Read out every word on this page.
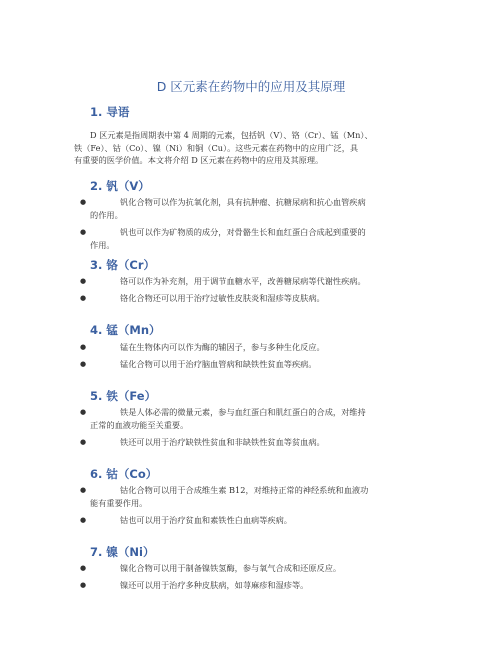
D 区元素在药物中的应用及其原理
1. 导语
D 区元素是指周期表中第 4 周期的元素，包括钒（V）、铬（Cr）、锰（Mn）、
铁（Fe）、钴（Co）、镍（Ni）和铜（Cu）。这些元素在药物中的应用广泛，具
有重要的医学价值。本文将介绍 D 区元素在药物中的应用及其原理。
2. 钒（V）
●	钒化合物可以作为抗氧化剂，具有抗肿瘤、抗糖尿病和抗心血管疾病
的作用。
●	钒也可以作为矿物质的成分，对骨骼生长和血红蛋白合成起到重要的
作用。
3. 铬（Cr）
●	铬可以作为补充剂，用于调节血糖水平，改善糖尿病等代谢性疾病。
●	铬化合物还可以用于治疗过敏性皮肤炎和湿疹等皮肤病。
4. 锰（Mn）
●	锰在生物体内可以作为酶的辅因子，参与多种生化反应。
●	锰化合物可以用于治疗脑血管病和缺铁性贫血等疾病。
5. 铁（Fe）
●	铁是人体必需的微量元素，参与血红蛋白和肌红蛋白的合成，对维持
正常的血液功能至关重要。
●	铁还可以用于治疗缺铁性贫血和非缺铁性贫血等贫血病。
6. 钴（Co）
●	钴化合物可以用于合成维生素 B12，对维持正常的神经系统和血液功
能有重要作用。
●	钴也可以用于治疗贫血和素铁性白血病等疾病。
7. 镍（Ni）
●	镍化合物可以用于制备镍铁氢酶，参与氧气合成和还原反应。
●	镍还可以用于治疗多种皮肤病，如荨麻疹和湿疹等。
